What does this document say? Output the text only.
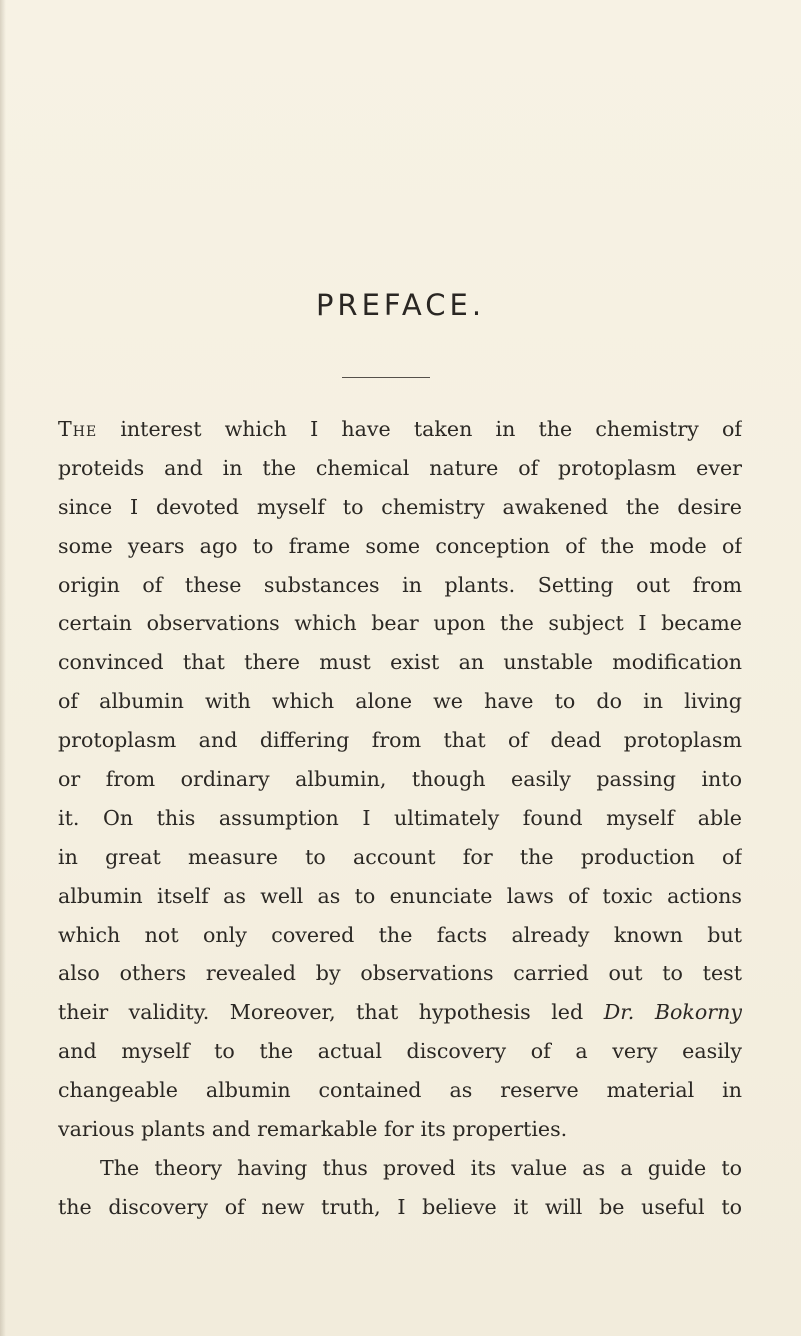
PREFACE.
The interest which I have taken in the chemistry of
proteids and in the chemical nature of protoplasm ever
since I devoted myself to chemistry awakened the desire
some years ago to frame some conception of the mode of
origin of these substances in plants. Setting out from
certain observations which bear upon the subject I became
convinced that there must exist an unstable modification
of albumin with which alone we have to do in living
protoplasm and differing from that of dead protoplasm
or from ordinary albumin, though easily passing into
it. On this assumption I ultimately found myself able
in great measure to account for the production of
albumin itself as well as to enunciate laws of toxic actions
which not only covered the facts already known but
also others revealed by observations carried out to test
their validity. Moreover, that hypothesis led Dr. Bokorny
and myself to the actual discovery of a very easily
changeable albumin contained as reserve material in
various plants and remarkable for its properties.
The theory having thus proved its value as a guide to
the discovery of new truth, I believe it will be useful to
